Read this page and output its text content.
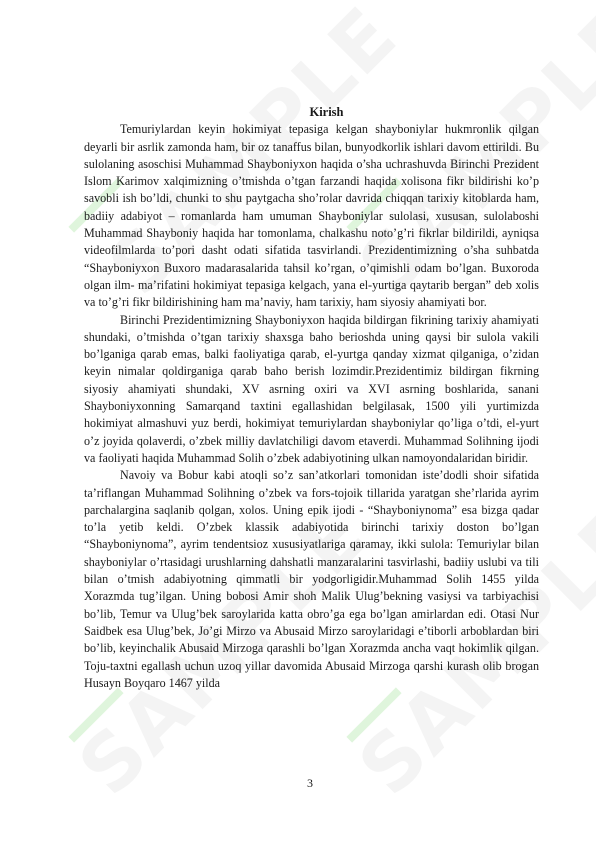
Kirish

Temuriylardan keyin hokimiyat tepasiga kelgan shayboniylar hukmronlik qilgan deyarli bir asrlik zamonda ham, bir oz tanaffus bilan, bunyodkorlik ishlari davom ettirildi. Bu sulolaning asoschisi Muhammad Shayboniyxon haqida o’sha uchrashuvda Birinchi Prezident Islom Karimov xalqimizning o’tmishda o’tgan farzandi haqida xolisona fikr bildirishi ko’p savobli ish bo’ldi, chunki to shu paytgacha sho’rolar davrida chiqqan tarixiy kitoblarda ham, badiiy adabiyot – romanlarda ham umuman Shayboniylar sulolasi, xususan, sulolaboshi Muhammad Shayboniy haqida har tomonlama, chalkashu noto’g’ri fikrlar bildirildi, ayniqsa videofilmlarda to’pori dasht odati sifatida tasvirlandi. Prezidentimizning o’sha suhbatda “Shayboniyxon Buxoro madarasalarida tahsil ko’rgan, o’qimishli odam bo’lgan. Buxoroda olgan ilm- ma’rifatini hokimiyat tepasiga kelgach, yana el-yurtiga qaytarib bergan” deb xolis va to’g’ri fikr bildirishining ham ma’naviy, ham tarixiy, ham siyosiy ahamiyati bor.

Birinchi Prezidentimizning Shayboniyxon haqida bildirgan fikrining tarixiy ahamiyati shundaki, o’tmishda o’tgan tarixiy shaxsga baho berioshda uning qaysi bir sulola vakili bo’lganiga qarab emas, balki faoliyatiga qarab, el-yurtga qanday xizmat qilganiga, o’zidan keyin nimalar qoldirganiga qarab baho berish lozimdir.Prezidentimiz bildirgan fikrning siyosiy ahamiyati shundaki, XV asrning oxiri va XVI asrning boshlarida, sanani Shayboniyxonning Samarqand taxtini egallashidan belgilasak, 1500 yili yurtimizda hokimiyat almashuvi yuz berdi, hokimiyat temuriylardan shayboniylar qo’liga o’tdi, el-yurt o’z joyida qolaverdi, o’zbek milliy davlatchiligi davom etaverdi. Muhammad Solihning ijodi va faoliyati haqida Muhammad Solih o’zbek adabiyotining ulkan namoyondalaridan biridir.

Navoiy va Bobur kabi atoqli so’z san’atkorlari tomonidan iste’dodli shoir sifatida ta’riflangan Muhammad Solihning o’zbek va fors-tojoik tillarida yaratgan she’rlarida ayrim parchalargina saqlanib qolgan, xolos. Uning epik ijodi - “Shayboniynoma” esa bizga qadar to’la yetib keldi. O’zbek klassik adabiyotida birinchi tarixiy doston bo’lgan “Shayboniynoma”, ayrim tendentsioz xususiyatlariga qaramay, ikki sulola: Temuriylar bilan shayboniylar o’rtasidagi urushlarning dahshatli manzaralarini tasvirlashi, badiiy uslubi va tili bilan o’tmish adabiyotning qimmatli bir yodgorligidir.Muhammad Solih 1455 yilda Xorazmda tug’ilgan. Uning bobosi Amir shoh Malik Ulug’bekning vasiysi va tarbiyachisi bo’lib, Temur va Ulug’bek saroylarida katta obro’ga ega bo’lgan amirlardan edi. Otasi Nur Saidbek esa Ulug’bek, Jo’gi Mirzo va Abusaid Mirzo saroylaridagi e’tiborli arboblardan biri bo’lib, keyinchalik Abusaid Mirzoga qarashli bo’lgan Xorazmda ancha vaqt hokimlik qilgan. Toju-taxtni egallash uchun uzoq yillar davomida Abusaid Mirzoga qarshi kurash olib brogan Husayn Boyqaro 1467 yilda

3
